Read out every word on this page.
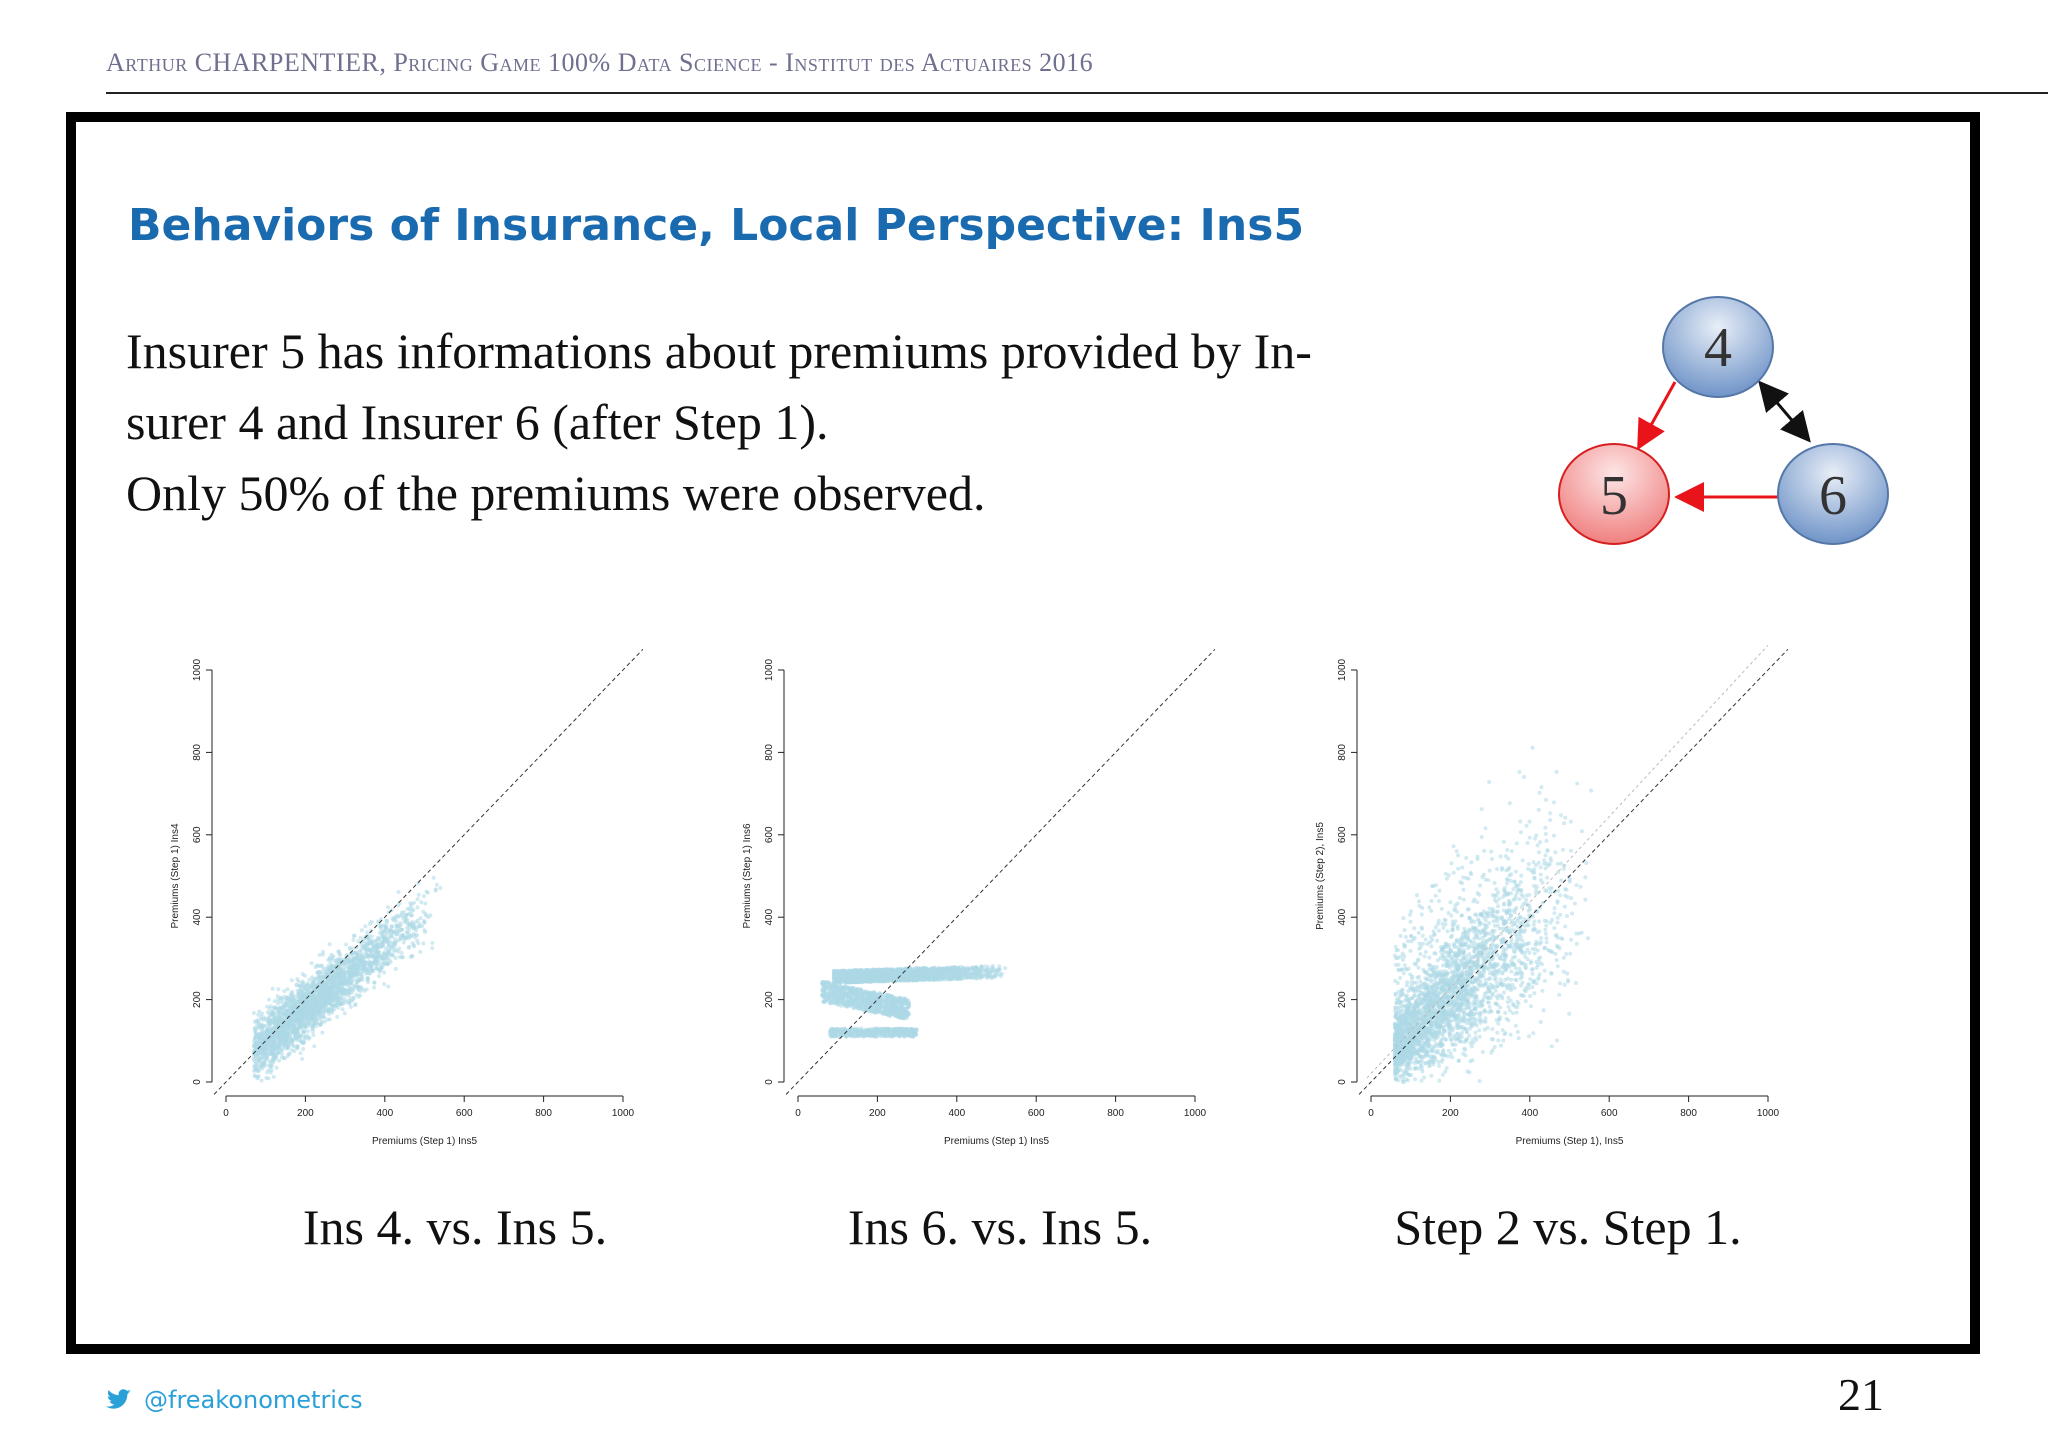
Arthur CHARPENTIER, Pricing Game 100% Data Science - Institut des Actuaires 2016
Behaviors of Insurance, Local Perspective: Ins5
Insurer 5 has informations about premiums provided by In-
surer 4 and Insurer 6 (after Step 1).
Only 50% of the premiums were observed.
4
5	6
0	200	400	600	800	1000
0
200
400
600
800
1000
Premiums (Step 1) Ins5
Premiums (Step 1) Ins4
0	200	400	600	800	1000
0
200
400
600
800
1000
Premiums (Step 1) Ins5
Premiums (Step 1) Ins6
0	200	400	600	800	1000
0
200
400
600
800
1000
Premiums (Step 1), Ins5
Premiums (Step 2), Ins5
Ins 4. vs. Ins 5.	Ins 6. vs. Ins 5.	Step 2 vs. Step 1.
@freakonometrics	21
